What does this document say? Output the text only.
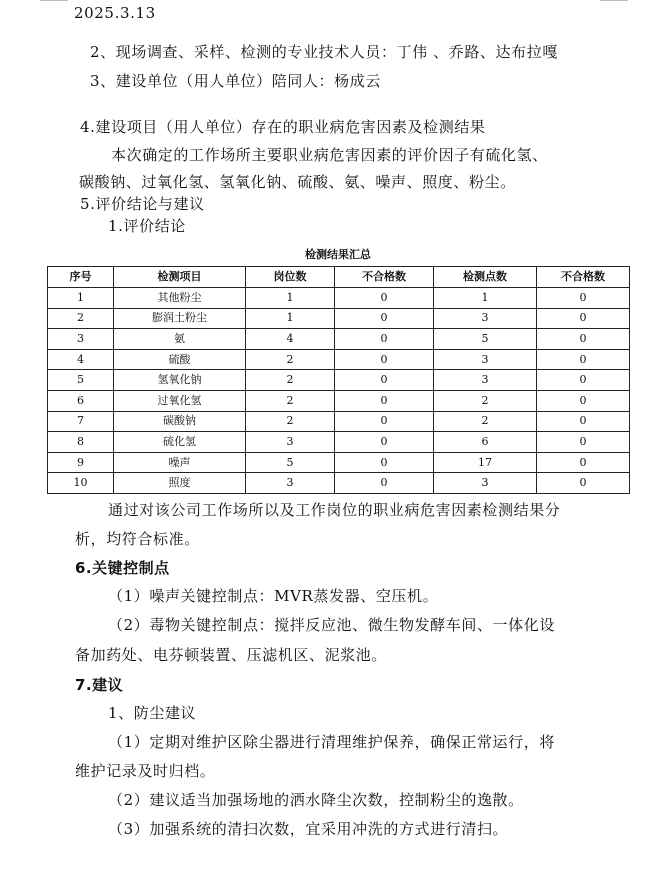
2025.3.13
2、现场调查、采样、检测的专业技术人员：丁伟 、乔路、达布拉嘎
3、建设单位（用人单位）陪同人：杨成云
4.建设项目（用人单位）存在的职业病危害因素及检测结果
本次确定的工作场所主要职业病危害因素的评价因子有硫化氢、
碳酸钠、过氧化氢、氢氧化钠、硫酸、氨、噪声、照度、粉尘。
5.评价结论与建议
1.评价结论
检测结果汇总
序号	检测项目	岗位数	不合格数	检测点数	不合格数
1	其他粉尘	1	0	1	0
2	膨润土粉尘	1	0	3	0
3	氨	4	0	5	0
4	硫酸	2	0	3	0
5	氢氧化钠	2	0	3	0
6	过氧化氢	2	0	2	0
7	碳酸钠	2	0	2	0
8	硫化氢	3	0	6	0
9	噪声	5	0	17	0
10	照度	3	0	3	0
通过对该公司工作场所以及工作岗位的职业病危害因素检测结果分
析，均符合标准。
6.关键控制点
（1）噪声关键控制点：MVR蒸发器、空压机。
（2）毒物关键控制点：搅拌反应池、微生物发酵车间、一体化设
备加药处、电芬顿装置、压滤机区、泥浆池。
7.建议
1、防尘建议
（1）定期对维护区除尘器进行清理维护保养，确保正常运行，将
维护记录及时归档。
（2）建议适当加强场地的洒水降尘次数，控制粉尘的逸散。
（3）加强系统的清扫次数，宜采用冲洗的方式进行清扫。
